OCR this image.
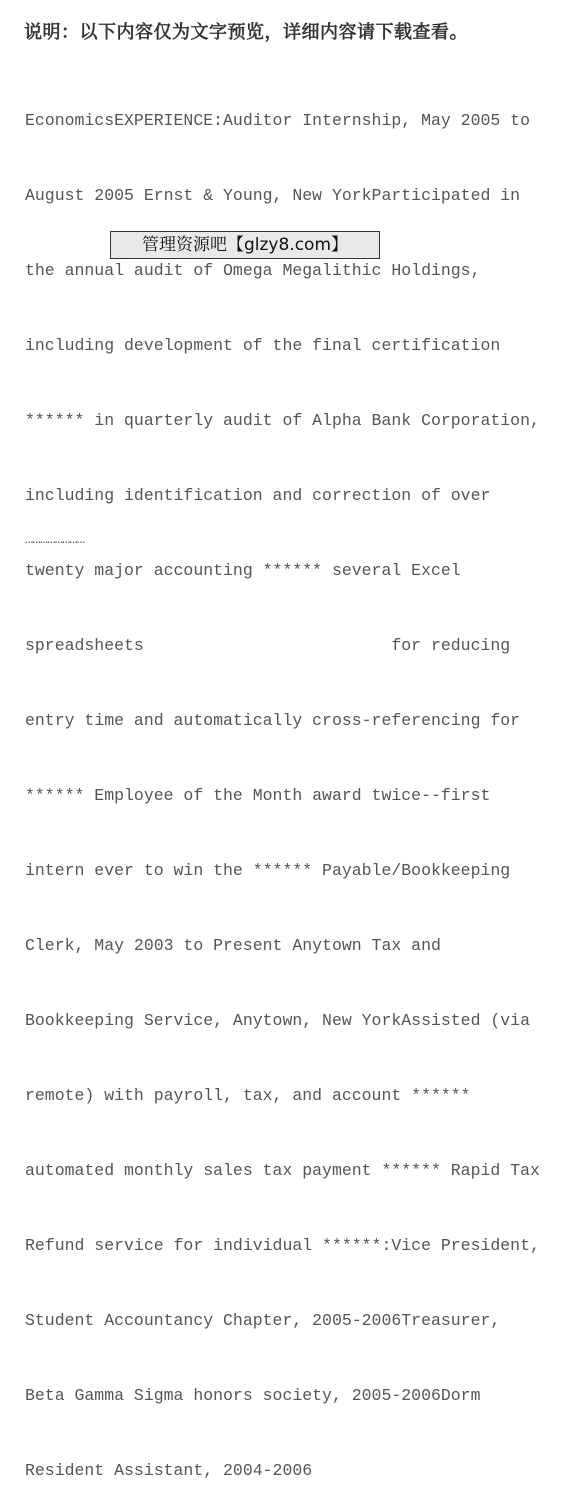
说明：以下内容仅为文字预览，详细内容请下载查看。

EconomicsEXPERIENCE:Auditor Internship, May 2005 to

August 2005 Ernst & Young, New YorkParticipated in

the annual audit of Omega Megalithic Holdings,

including development of the final certification

****** in quarterly audit of Alpha Bank Corporation,

including identification and correction of over

twenty major accounting ****** several Excel

spreadsheets                         for reducing

entry time and automatically cross-referencing for

****** Employee of the Month award twice--first

intern ever to win the ****** Payable/Bookkeeping

Clerk, May 2003 to Present Anytown Tax and

Bookkeeping Service, Anytown, New YorkAssisted (via

remote) with payroll, tax, and account ******

automated monthly sales tax payment ****** Rapid Tax

Refund service for individual ******:Vice President,

Student Accountancy Chapter, 2005-2006Treasurer,

Beta Gamma Sigma honors society, 2005-2006Dorm

Resident Assistant, 2004-2006

管理资源吧【glzy8.com】
……………………
